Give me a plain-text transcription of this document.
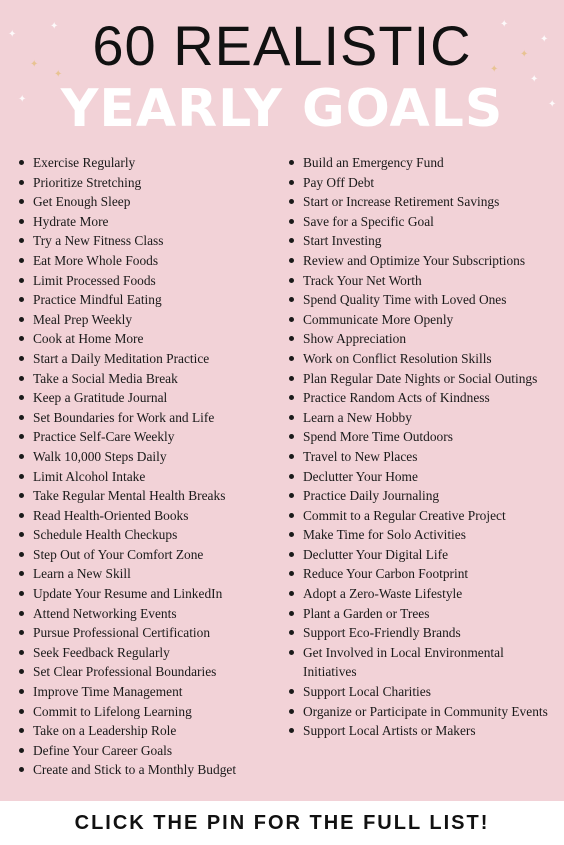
✦
✦
✦
✦
✦
✦
✦
✦
✦
✦
✦
60 REALISTIC
YEARLY GOALS
Exercise Regularly
Prioritize Stretching
Get Enough Sleep
Hydrate More
Try a New Fitness Class
Eat More Whole Foods
Limit Processed Foods
Practice Mindful Eating
Meal Prep Weekly
Cook at Home More
Start a Daily Meditation Practice
Take a Social Media Break
Keep a Gratitude Journal
Set Boundaries for Work and Life
Practice Self-Care Weekly
Walk 10,000 Steps Daily
Limit Alcohol Intake
Take Regular Mental Health Breaks
Read Health-Oriented Books
Schedule Health Checkups
Step Out of Your Comfort Zone
Learn a New Skill
Update Your Resume and LinkedIn
Attend Networking Events
Pursue Professional Certification
Seek Feedback Regularly
Set Clear Professional Boundaries
Improve Time Management
Commit to Lifelong Learning
Take on a Leadership Role
Define Your Career Goals
Create and Stick to a Monthly Budget
Build an Emergency Fund
Pay Off Debt
Start or Increase Retirement Savings
Save for a Specific Goal
Start Investing
Review and Optimize Your Subscriptions
Track Your Net Worth
Spend Quality Time with Loved Ones
Communicate More Openly
Show Appreciation
Work on Conflict Resolution Skills
Plan Regular Date Nights or Social Outings
Practice Random Acts of Kindness
Learn a New Hobby
Spend More Time Outdoors
Travel to New Places
Declutter Your Home
Practice Daily Journaling
Commit to a Regular Creative Project
Make Time for Solo Activities
Declutter Your Digital Life
Reduce Your Carbon Footprint
Adopt a Zero-Waste Lifestyle
Plant a Garden or Trees
Support Eco-Friendly Brands
Get Involved in Local Environmental Initiatives
Support Local Charities
Organize or Participate in Community Events
Support Local Artists or Makers
CLICK THE PIN FOR THE FULL LIST!
